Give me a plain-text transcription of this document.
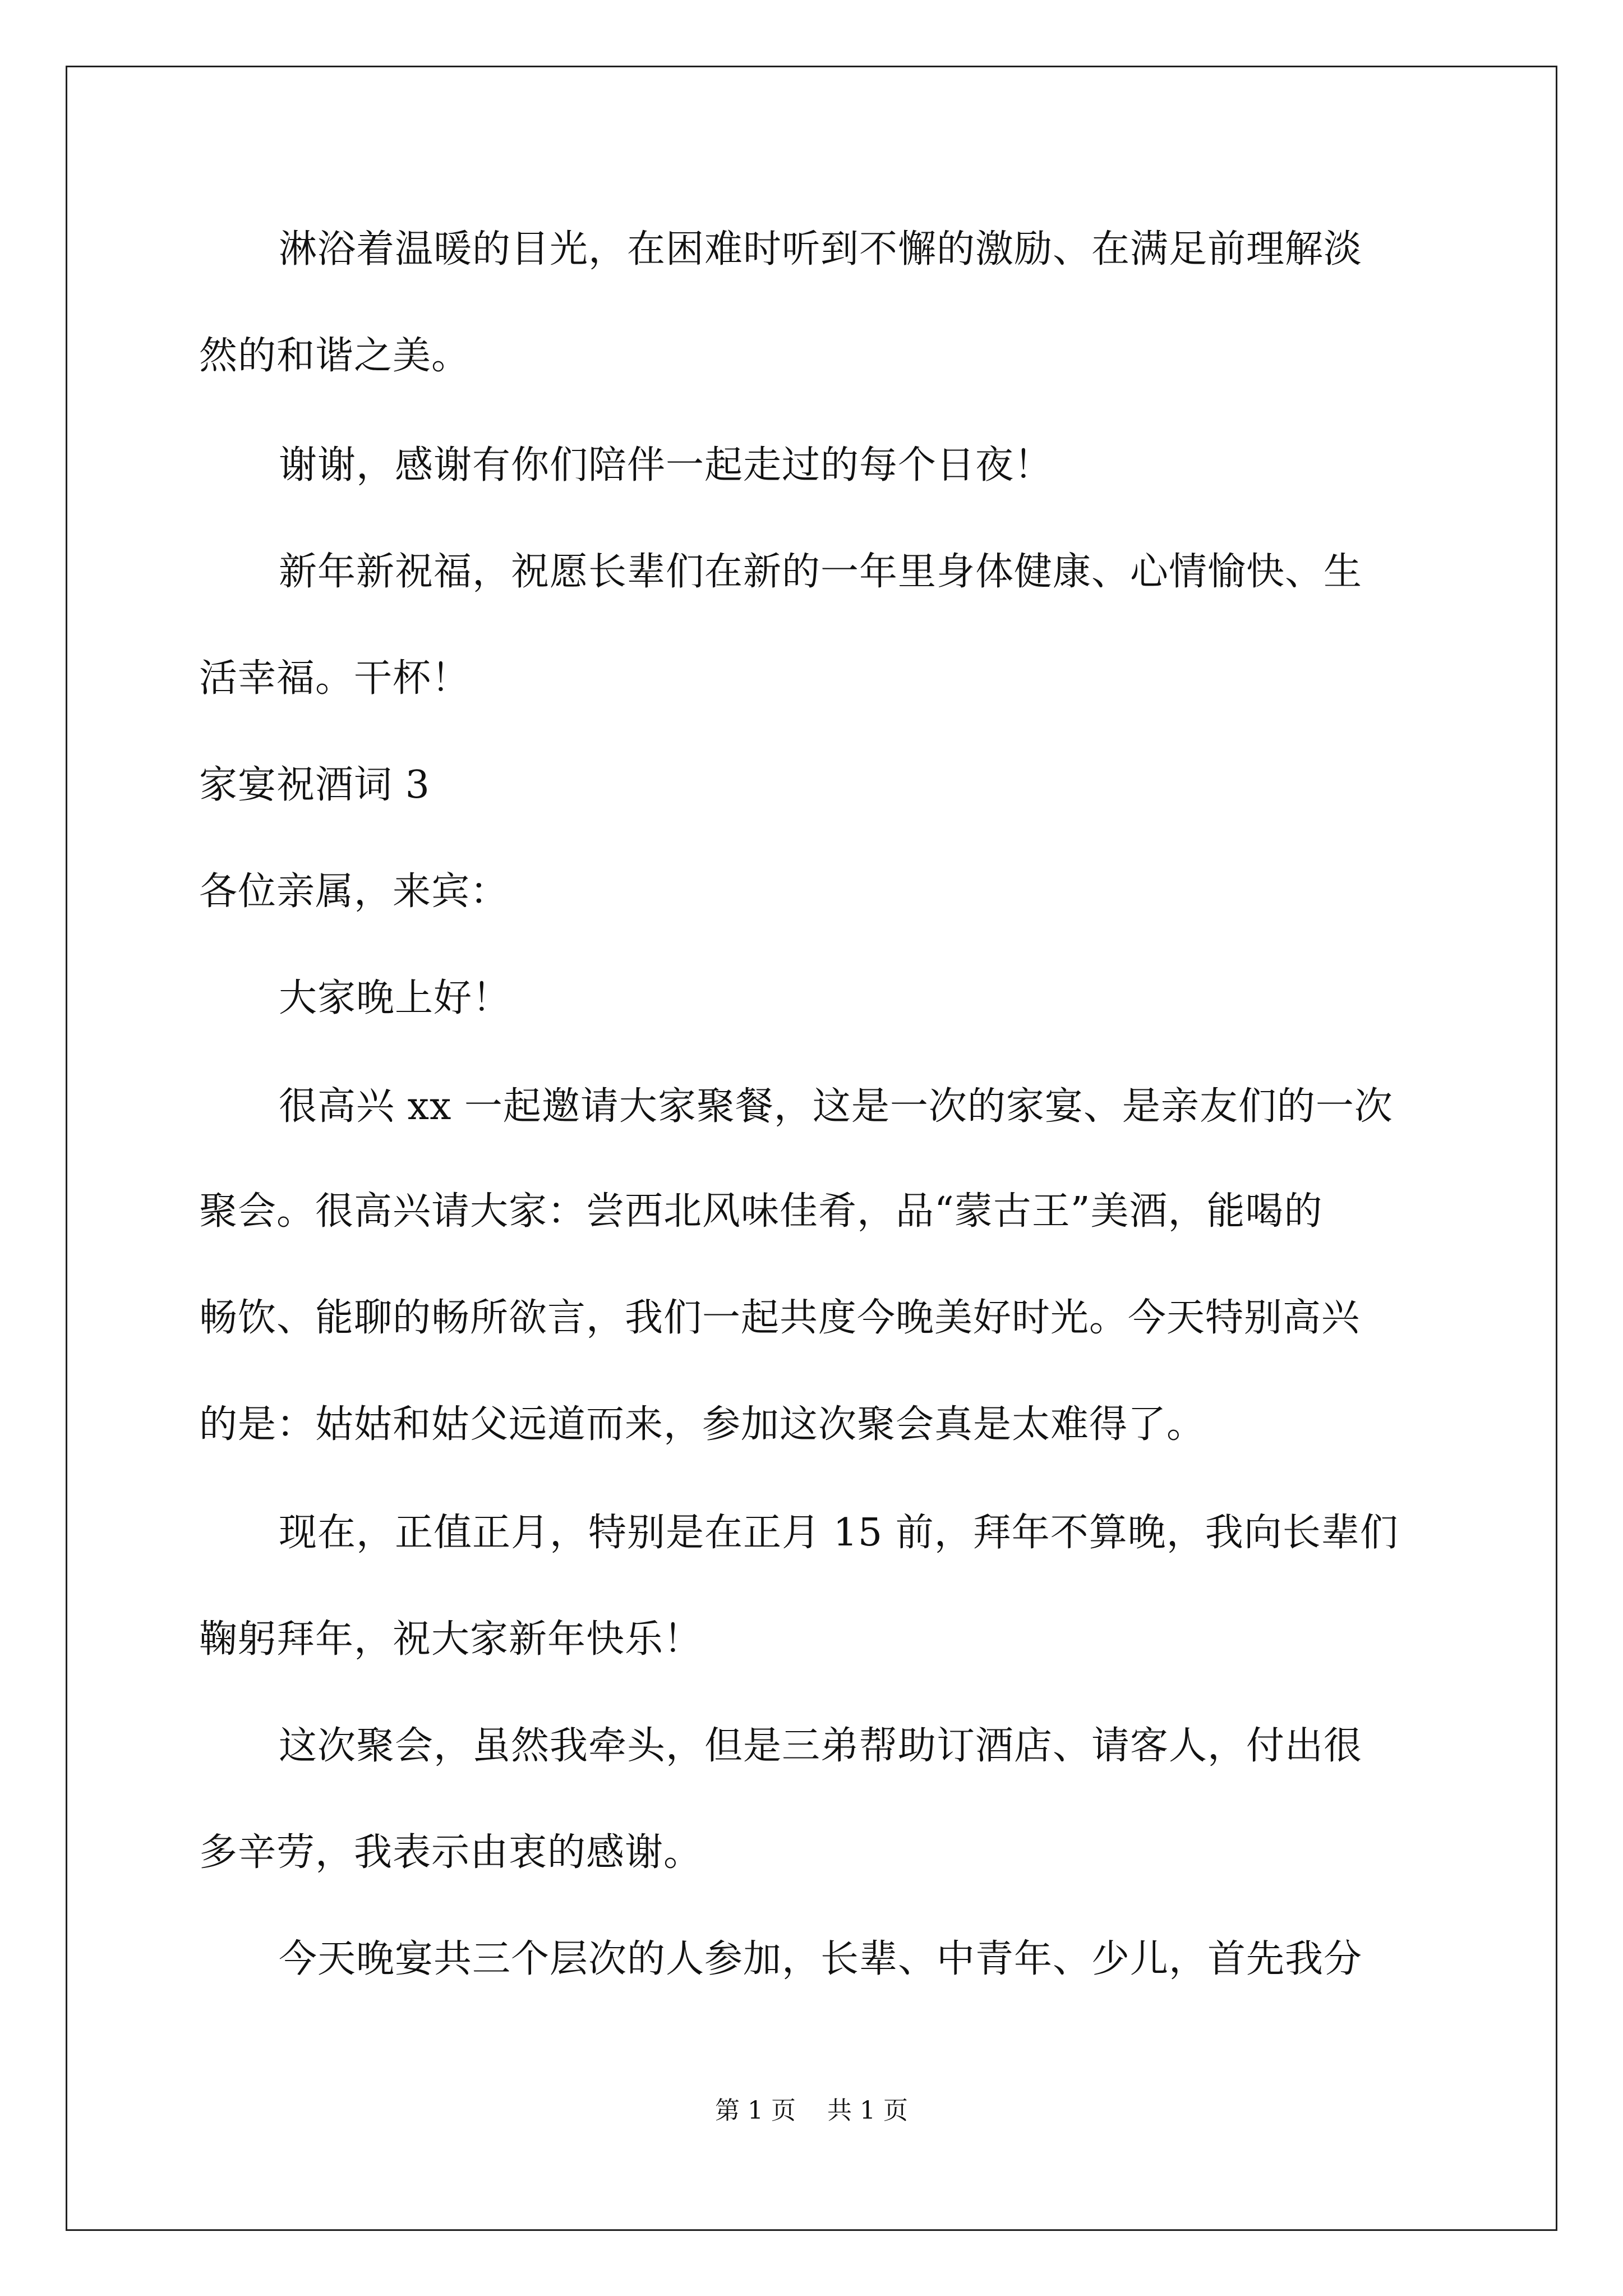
淋浴着温暖的目光，在困难时听到不懈的激励、在满足前理解淡
然的和谐之美。
谢谢，感谢有你们陪伴一起走过的每个日夜！
新年新祝福，祝愿长辈们在新的一年里身体健康、心情愉快、生
活幸福。干杯！
家宴祝酒词 3
各位亲属，来宾：
大家晚上好！
很高兴 xx 一起邀请大家聚餐，这是一次的家宴、是亲友们的一次
聚会。很高兴请大家：尝西北风味佳肴，品“蒙古王”美酒，能喝的
畅饮、能聊的畅所欲言，我们一起共度今晚美好时光。今天特别高兴
的是：姑姑和姑父远道而来，参加这次聚会真是太难得了。
现在，正值正月，特别是在正月 15 前，拜年不算晚，我向长辈们
鞠躬拜年，祝大家新年快乐！
这次聚会，虽然我牵头，但是三弟帮助订酒店、请客人，付出很
多辛劳，我表示由衷的感谢。
今天晚宴共三个层次的人参加，长辈、中青年、少儿，首先我分
第 1 页 共 1 页
